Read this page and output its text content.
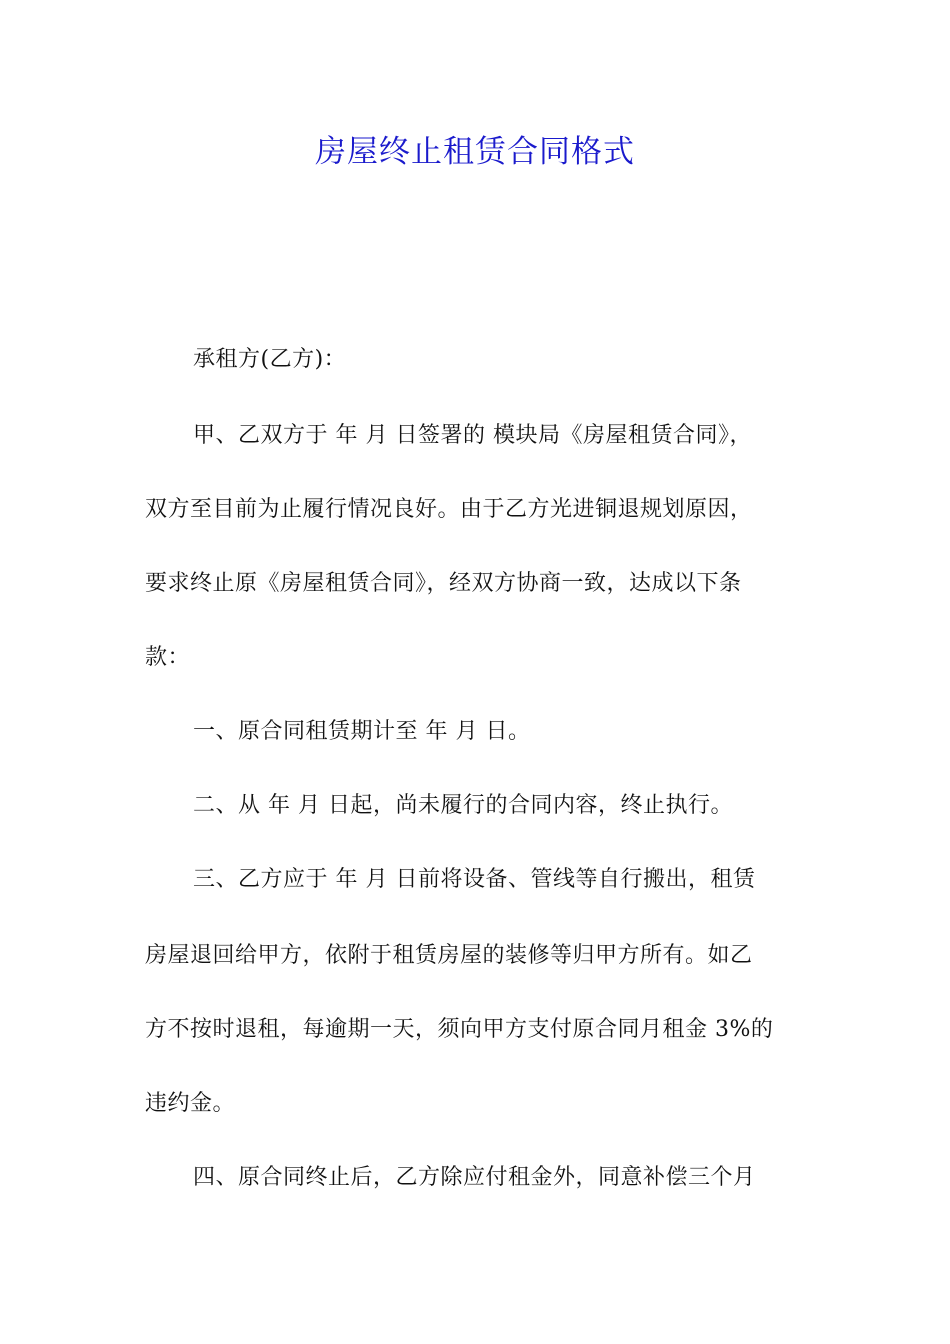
房屋终止租赁合同格式
承租方(乙方)：
甲、乙双方于 年 月 日签署的 模块局《房屋租赁合同》，
双方至目前为止履行情况良好。由于乙方光进铜退规划原因，
要求终止原《房屋租赁合同》，经双方协商一致，达成以下条
款：
一、原合同租赁期计至 年 月 日。
二、从 年 月 日起，尚未履行的合同内容，终止执行。
三、乙方应于 年 月 日前将设备、管线等自行搬出，租赁
房屋退回给甲方，依附于租赁房屋的装修等归甲方所有。如乙
方不按时退租，每逾期一天，须向甲方支付原合同月租金 3%的
违约金。
四、原合同终止后，乙方除应付租金外，同意补偿三个月
